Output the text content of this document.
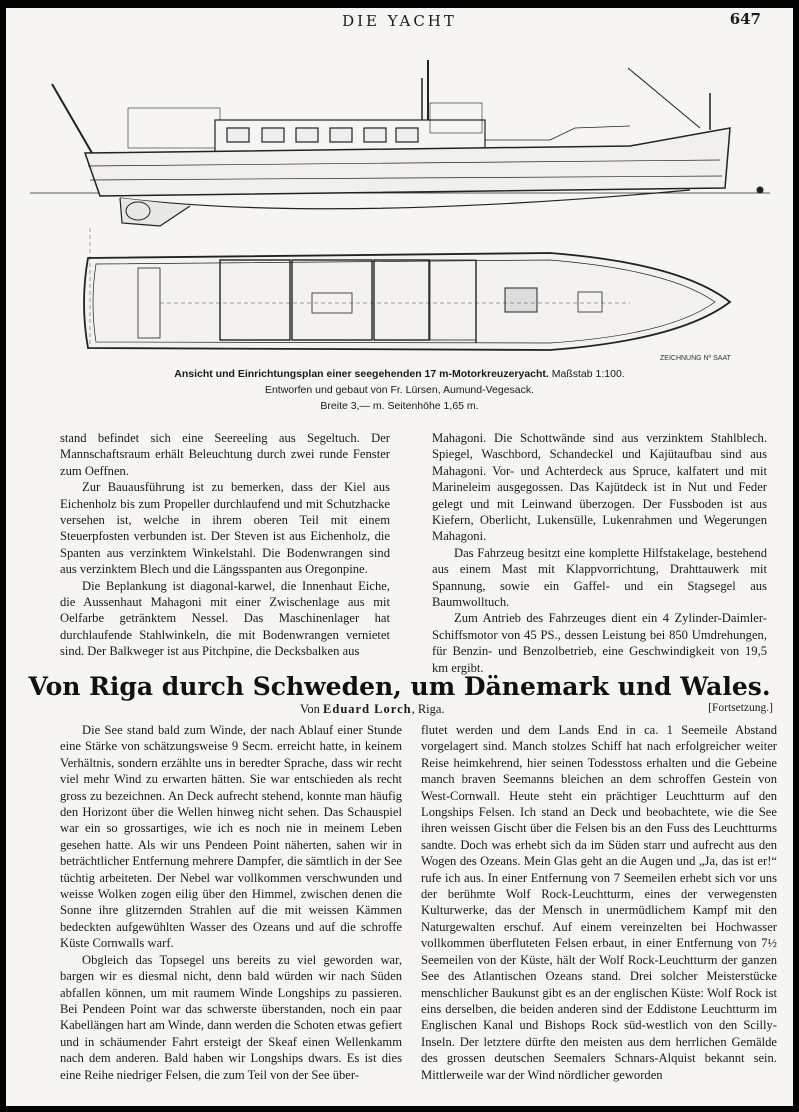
DIE YACHT	647
ZEICHNUNG Nº SAAT
Ansicht und Einrichtungsplan einer seegehenden 17 m-Motorkreuzeryacht. Maßstab 1:100.
Entworfen und gebaut von Fr. Lürsen, Aumund-Vegesack.
Breite 3,— m. Seitenhöhe 1,65 m.

stand befindet sich eine Seereeling aus Segeltuch. Der Mannschaftsraum erhält Beleuchtung durch zwei runde Fenster zum Oeffnen.

Zur Bauausführung ist zu bemerken, dass der Kiel aus Eichenholz bis zum Propeller durchlaufend und mit Schutzhacke versehen ist, welche in ihrem oberen Teil mit einem Steuerpfosten verbunden ist. Der Steven ist aus Eichenholz, die Spanten aus verzinktem Winkelstahl. Die Bodenwrangen sind aus verzinktem Blech und die Längsspanten aus Oregonpine.

Die Beplankung ist diagonal-karwel, die Innenhaut Eiche, die Aussenhaut Mahagoni mit einer Zwischenlage aus mit Oelfarbe getränktem Nessel. Das Maschinenlager hat durchlaufende Stahlwinkeln, die mit Bodenwrangen vernietet sind. Der Balkweger ist aus Pitchpine, die Decksbalken aus

Mahagoni. Die Schottwände sind aus verzinktem Stahlblech. Spiegel, Waschbord, Schandeckel und Kajütaufbau sind aus Mahagoni. Vor- und Achterdeck aus Spruce, kalfatert und mit Marineleim ausgegossen. Das Kajütdeck ist in Nut und Feder gelegt und mit Leinwand überzogen. Der Fussboden ist aus Kiefern, Oberlicht, Lukensülle, Lukenrahmen und Wegerungen Mahagoni.

Das Fahrzeug besitzt eine komplette Hilfstakelage, bestehend aus einem Mast mit Klappvorrichtung, Drahttauwerk mit Spannung, sowie ein Gaffel- und ein Stagsegel aus Baumwolltuch.

Zum Antrieb des Fahrzeuges dient ein 4 Zylinder-Daimler-Schiffsmotor von 45 PS., dessen Leistung bei 850 Umdrehungen, für Benzin- und Benzolbetrieb, eine Geschwindigkeit von 19,5 km ergibt.

Von Riga durch Schweden, um Dänemark und Wales.
Von Eduard Lorch, Riga.	[Fortsetzung.]

Die See stand bald zum Winde, der nach Ablauf einer Stunde eine Stärke von schätzungsweise 9 Secm. erreicht hatte, in keinem Verhältnis, sondern erzählte uns in beredter Sprache, dass wir recht viel mehr Wind zu erwarten hätten. Sie war entschieden als recht gross zu bezeichnen. An Deck aufrecht stehend, konnte man häufig den Horizont über die Wellen hinweg nicht sehen. Das Schauspiel war ein so grossartiges, wie ich es noch nie in meinem Leben gesehen hatte. Als wir uns Pendeen Point näherten, sahen wir in beträchtlicher Entfernung mehrere Dampfer, die sämtlich in der See tüchtig arbeiteten. Der Nebel war vollkommen verschwunden und weisse Wolken zogen eilig über den Himmel, zwischen denen die Sonne ihre glitzernden Strahlen auf die mit weissen Kämmen bedeckten aufgewühlten Wasser des Ozeans und auf die schroffe Küste Cornwalls warf.

Obgleich das Topsegel uns bereits zu viel geworden war, bargen wir es diesmal nicht, denn bald würden wir nach Süden abfallen können, um mit raumem Winde Longships zu passieren. Bei Pendeen Point war das schwerste überstanden, noch ein paar Kabellängen hart am Winde, dann werden die Schoten etwas gefiert und in schäumender Fahrt ersteigt der Skeaf einen Wellenkamm nach dem anderen. Bald haben wir Longships dwars. Es ist dies eine Reihe niedriger Felsen, die zum Teil von der See über-

flutet werden und dem Lands End in ca. 1 Seemeile Abstand vorgelagert sind. Manch stolzes Schiff hat nach erfolgreicher weiter Reise heimkehrend, hier seinen Todesstoss erhalten und die Gebeine manch braven Seemanns bleichen an dem schroffen Gestein von West-Cornwall. Heute steht ein prächtiger Leuchtturm auf den Longships Felsen. Ich stand an Deck und beobachtete, wie die See ihren weissen Gischt über die Felsen bis an den Fuss des Leuchtturms sandte. Doch was erhebt sich da im Süden starr und aufrecht aus den Wogen des Ozeans. Mein Glas geht an die Augen und „Ja, das ist er!“ rufe ich aus. In einer Entfernung von 7 Seemeilen erhebt sich vor uns der berühmte Wolf Rock-Leuchtturm, eines der verwegensten Kulturwerke, das der Mensch in unermüdlichem Kampf mit den Naturgewalten erschuf. Auf einem vereinzelten bei Hochwasser vollkommen überfluteten Felsen erbaut, in einer Entfernung von 7½ Seemeilen von der Küste, hält der Wolf Rock-Leuchtturm der ganzen See des Atlantischen Ozeans stand. Drei solcher Meisterstücke menschlicher Baukunst gibt es an der englischen Küste: Wolf Rock ist eins derselben, die beiden anderen sind der Eddistone Leuchtturm im Englischen Kanal und Bishops Rock süd-westlich von den Scilly-Inseln. Der letztere dürfte den meisten aus dem herrlichen Gemälde des grossen deutschen Seemalers Schnars-Alquist bekannt sein. Mittlerweile war der Wind nördlicher geworden
